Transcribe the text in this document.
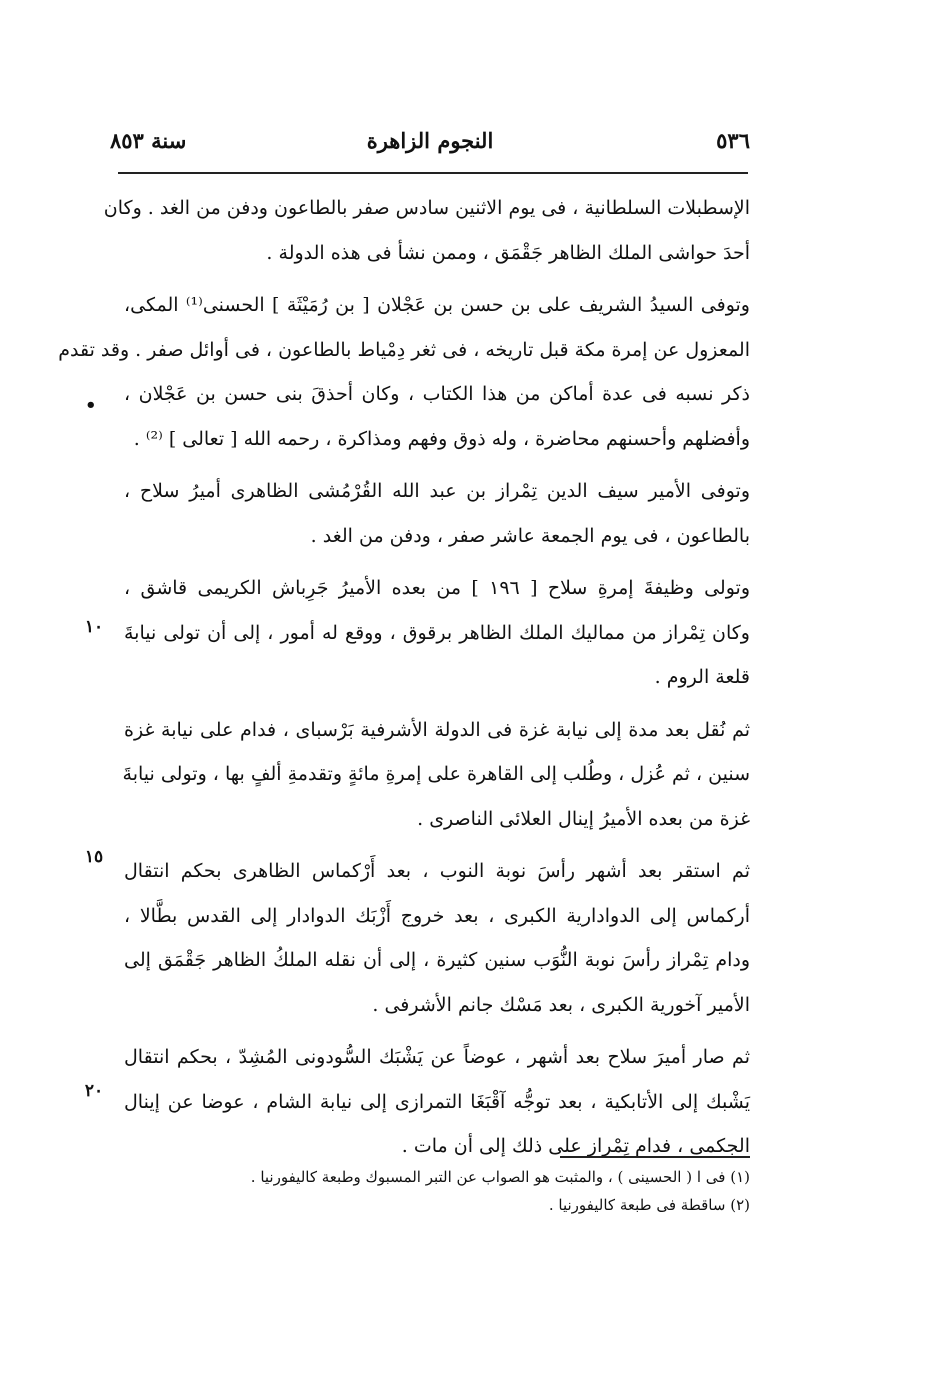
سنة ٨٥٣	النجوم الزاهرة	٥٣٦
•
١٠
١٥
٢٠
الإسطبلات السلطانية ، فى يوم الاثنين سادس صفر بالطاعون ودفن من الغد . وكان
أحدَ حواشى الملك الظاهر جَقْمَق ، وممن نشأ فى هذه الدولة .
وتوفى السيدُ الشريف على بن حسن بن عَجْلان [ بن رُمَيْثَة ] الحسنى⁽¹⁾ المكى،
المعزول عن إمرة مكة قبل تاريخه ، فى ثغر دِمْياط بالطاعون ، فى أوائل صفر . وقد تقدم
ذكر نسبه فى عدة أماكن من هذا الكتاب ، وكان أحذقَ بنى حسن بن عَجْلان ،
وأفضلهم وأحسنهم محاضرة ، وله ذوق وفهم ومذاكرة ، رحمه الله [ تعالى ] ⁽²⁾ .
وتوفى الأمير سيف الدين تِمْراز بن عبد الله القُرْمُشى الظاهرى أميرُ سلاح ،
بالطاعون ، فى يوم الجمعة عاشر صفر ، ودفن من الغد .
وتولى وظيفةَ إمرةِ سلاح [ ١٩٦ ] من بعده الأميرُ جَرِباش الكريمى قاشق ،
وكان تِمْراز من مماليك الملك الظاهر برقوق ، ووقع له أمور ، إلى أن تولى نيابةَ
قلعة الروم .
ثم نُقل بعد مدة إلى نيابة غزة فى الدولة الأشرفية بَرْسباى ، فدام على نيابة غزة
سنين ، ثم عُزل ، وطُلب إلى القاهرة على إمرةِ مائةٍ وتقدمةِ ألفٍ بها ، وتولى نيابةَ
غزة من بعده الأميرُ إينال العلائى الناصرى .
ثم استقر بعد أشهر رأسَ نوبة النوب ، بعد أَرْكماس الظاهرى بحكم انتقال
أركماس إلى الدوادارية الكبرى ، بعد خروج أَزْبَك الدوادار إلى القدس بطَّالا ،
ودام تِمْراز رأسَ نوبة النُّوَب سنين كثيرة ، إلى أن نقله الملكُ الظاهر جَقْمَق إلى
الأمير آخورية الكبرى ، بعد مَسْك جانم الأشرفى .
ثم صار أميرَ سلاح بعد أشهر ، عوضاً عن يَشْبَك السُّودونى المُشِدّ ، بحكم انتقال
يَشْبك إلى الأتابكية ، بعد توجُّه آقْبَغَا التمرازى إلى نيابة الشام ، عوضا عن إينال
الجكمى ، فدام تِمْراز على ذلك إلى أن مات .
(١) فى ا ( الحسينى ) ، والمثبت هو الصواب عن التبر المسبوك وطبعة كاليفورنيا .
(٢) ساقطة فى طبعة كاليفورنيا .
